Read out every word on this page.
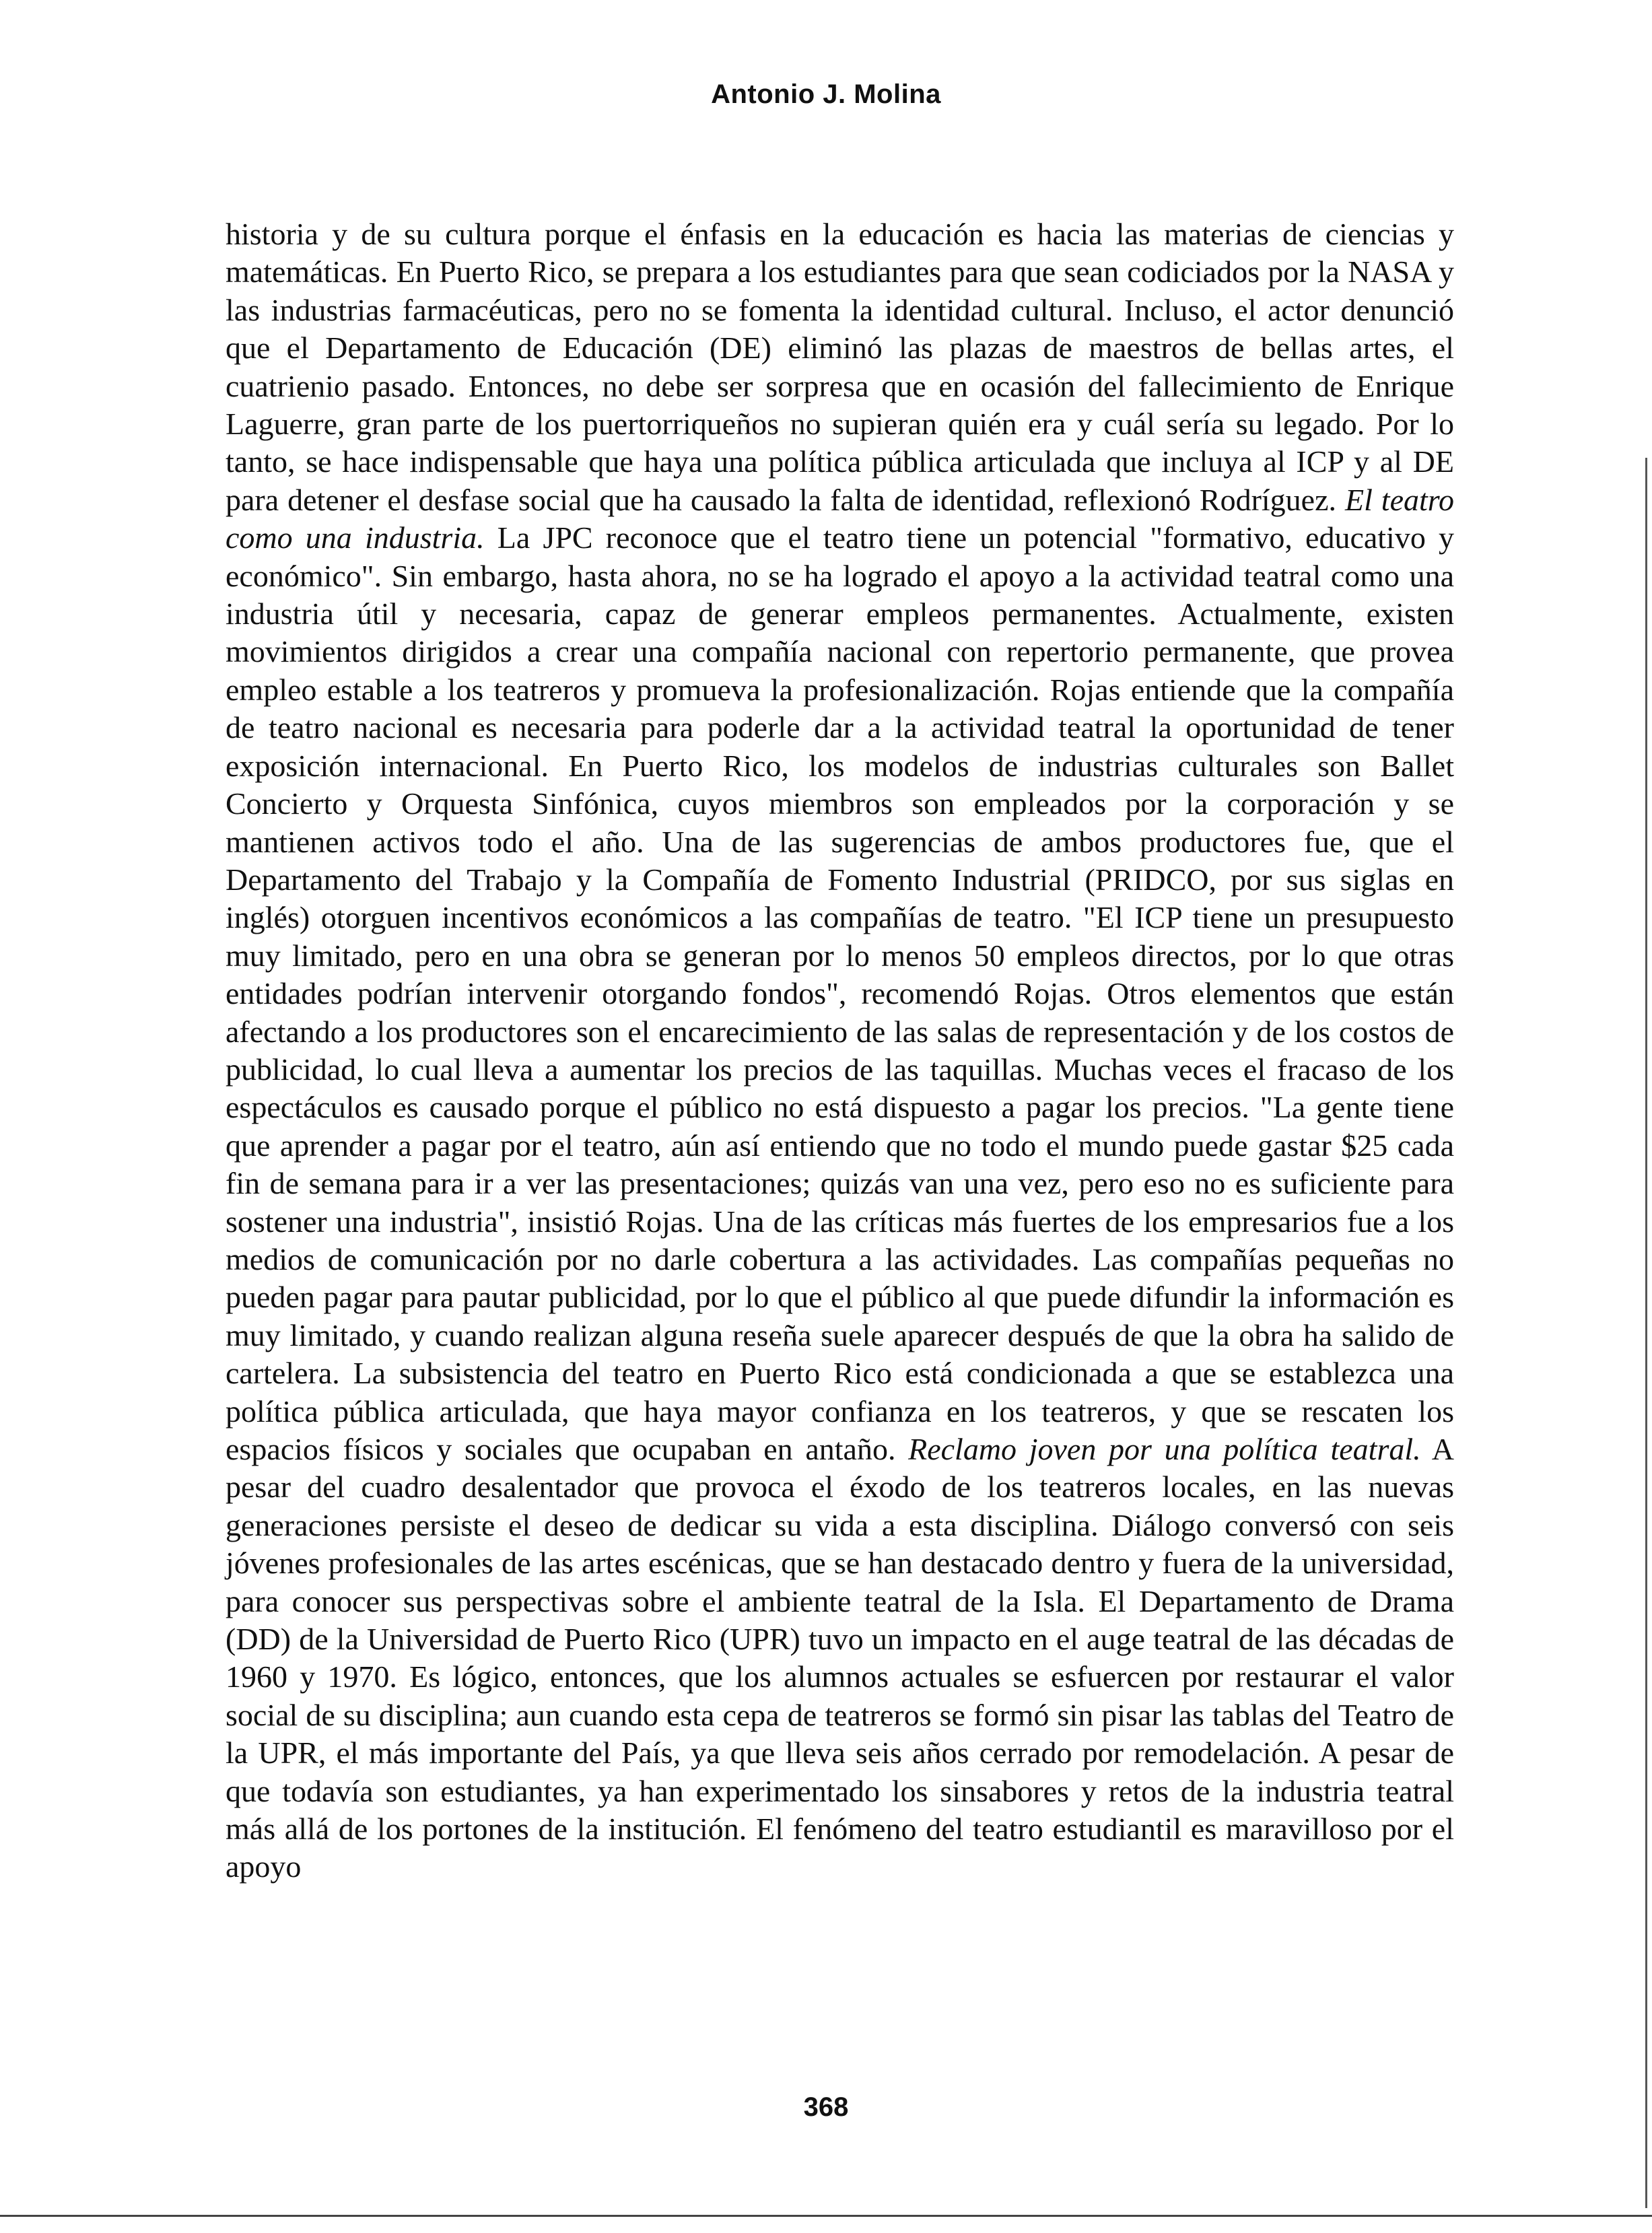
Antonio J. Molina

historia y de su cultura porque el énfasis en la educación es hacia las materias de ciencias y matemáticas. En Puerto Rico, se prepara a los estudiantes para que sean codiciados por la NASA y las industrias farmacéuticas, pero no se fomenta la identidad cultural. Incluso, el actor denunció que el Departamento de Educación (DE) eliminó las plazas de maestros de bellas artes, el cuatrienio pasado. Entonces, no debe ser sorpresa que en ocasión del fallecimiento de Enrique Laguerre, gran parte de los puertorriqueños no supieran quién era y cuál sería su legado. Por lo tanto, se hace indispensable que haya una política pública articulada que incluya al ICP y al DE para detener el desfase social que ha causado la falta de identidad, reflexionó Rodríguez. El teatro como una industria. La JPC reconoce que el teatro tiene un potencial "formativo, educativo y económico". Sin embargo, hasta ahora, no se ha logrado el apoyo a la actividad teatral como una industria útil y necesaria, capaz de generar empleos permanentes. Actualmente, existen movimientos dirigidos a crear una compañía nacional con repertorio permanente, que provea empleo estable a los teatreros y promueva la profesionalización. Rojas entiende que la compañía de teatro nacional es necesaria para poderle dar a la actividad teatral la oportunidad de tener exposición internacional. En Puerto Rico, los modelos de industrias culturales son Ballet Concierto y Orquesta Sinfónica, cuyos miembros son empleados por la corporación y se mantienen activos todo el año. Una de las sugerencias de ambos productores fue, que el Departamento del Trabajo y la Compañía de Fomento Industrial (PRIDCO, por sus siglas en inglés) otorguen incentivos económicos a las compañías de teatro. "El ICP tiene un presupuesto muy limitado, pero en una obra se generan por lo menos 50 empleos directos, por lo que otras entidades podrían intervenir otorgando fondos", recomendó Rojas. Otros elementos que están afectando a los productores son el encarecimiento de las salas de representación y de los costos de publicidad, lo cual lleva a aumentar los precios de las taquillas. Muchas veces el fracaso de los espectáculos es causado porque el público no está dispuesto a pagar los precios. "La gente tiene que aprender a pagar por el teatro, aún así entiendo que no todo el mundo puede gastar $25 cada fin de semana para ir a ver las presentaciones; quizás van una vez, pero eso no es suficiente para sostener una industria", insistió Rojas. Una de las críticas más fuertes de los empresarios fue a los medios de comunicación por no darle cobertura a las actividades. Las compañías pequeñas no pueden pagar para pautar publicidad, por lo que el público al que puede difundir la información es muy limitado, y cuando realizan alguna reseña suele aparecer después de que la obra ha salido de cartelera. La subsistencia del teatro en Puerto Rico está condicionada a que se establezca una política pública articulada, que haya mayor confianza en los teatreros, y que se rescaten los espacios físicos y sociales que ocupaban en antaño. Reclamo joven por una política teatral. A pesar del cuadro desalentador que provoca el éxodo de los teatreros locales, en las nuevas generaciones persiste el deseo de dedicar su vida a esta disciplina. Diálogo conversó con seis jóvenes profesionales de las artes escénicas, que se han destacado dentro y fuera de la universidad, para conocer sus perspectivas sobre el ambiente teatral de la Isla. El Departamento de Drama (DD) de la Universidad de Puerto Rico (UPR) tuvo un impacto en el auge teatral de las décadas de 1960 y 1970. Es lógico, entonces, que los alumnos actuales se esfuercen por restaurar el valor social de su disciplina; aun cuando esta cepa de teatreros se formó sin pisar las tablas del Teatro de la UPR, el más importante del País, ya que lleva seis años cerrado por remodelación. A pesar de que todavía son estudiantes, ya han experimentado los sinsabores y retos de la industria teatral más allá de los portones de la institución. El fenómeno del teatro estudiantil es maravilloso por el apoyo

368
